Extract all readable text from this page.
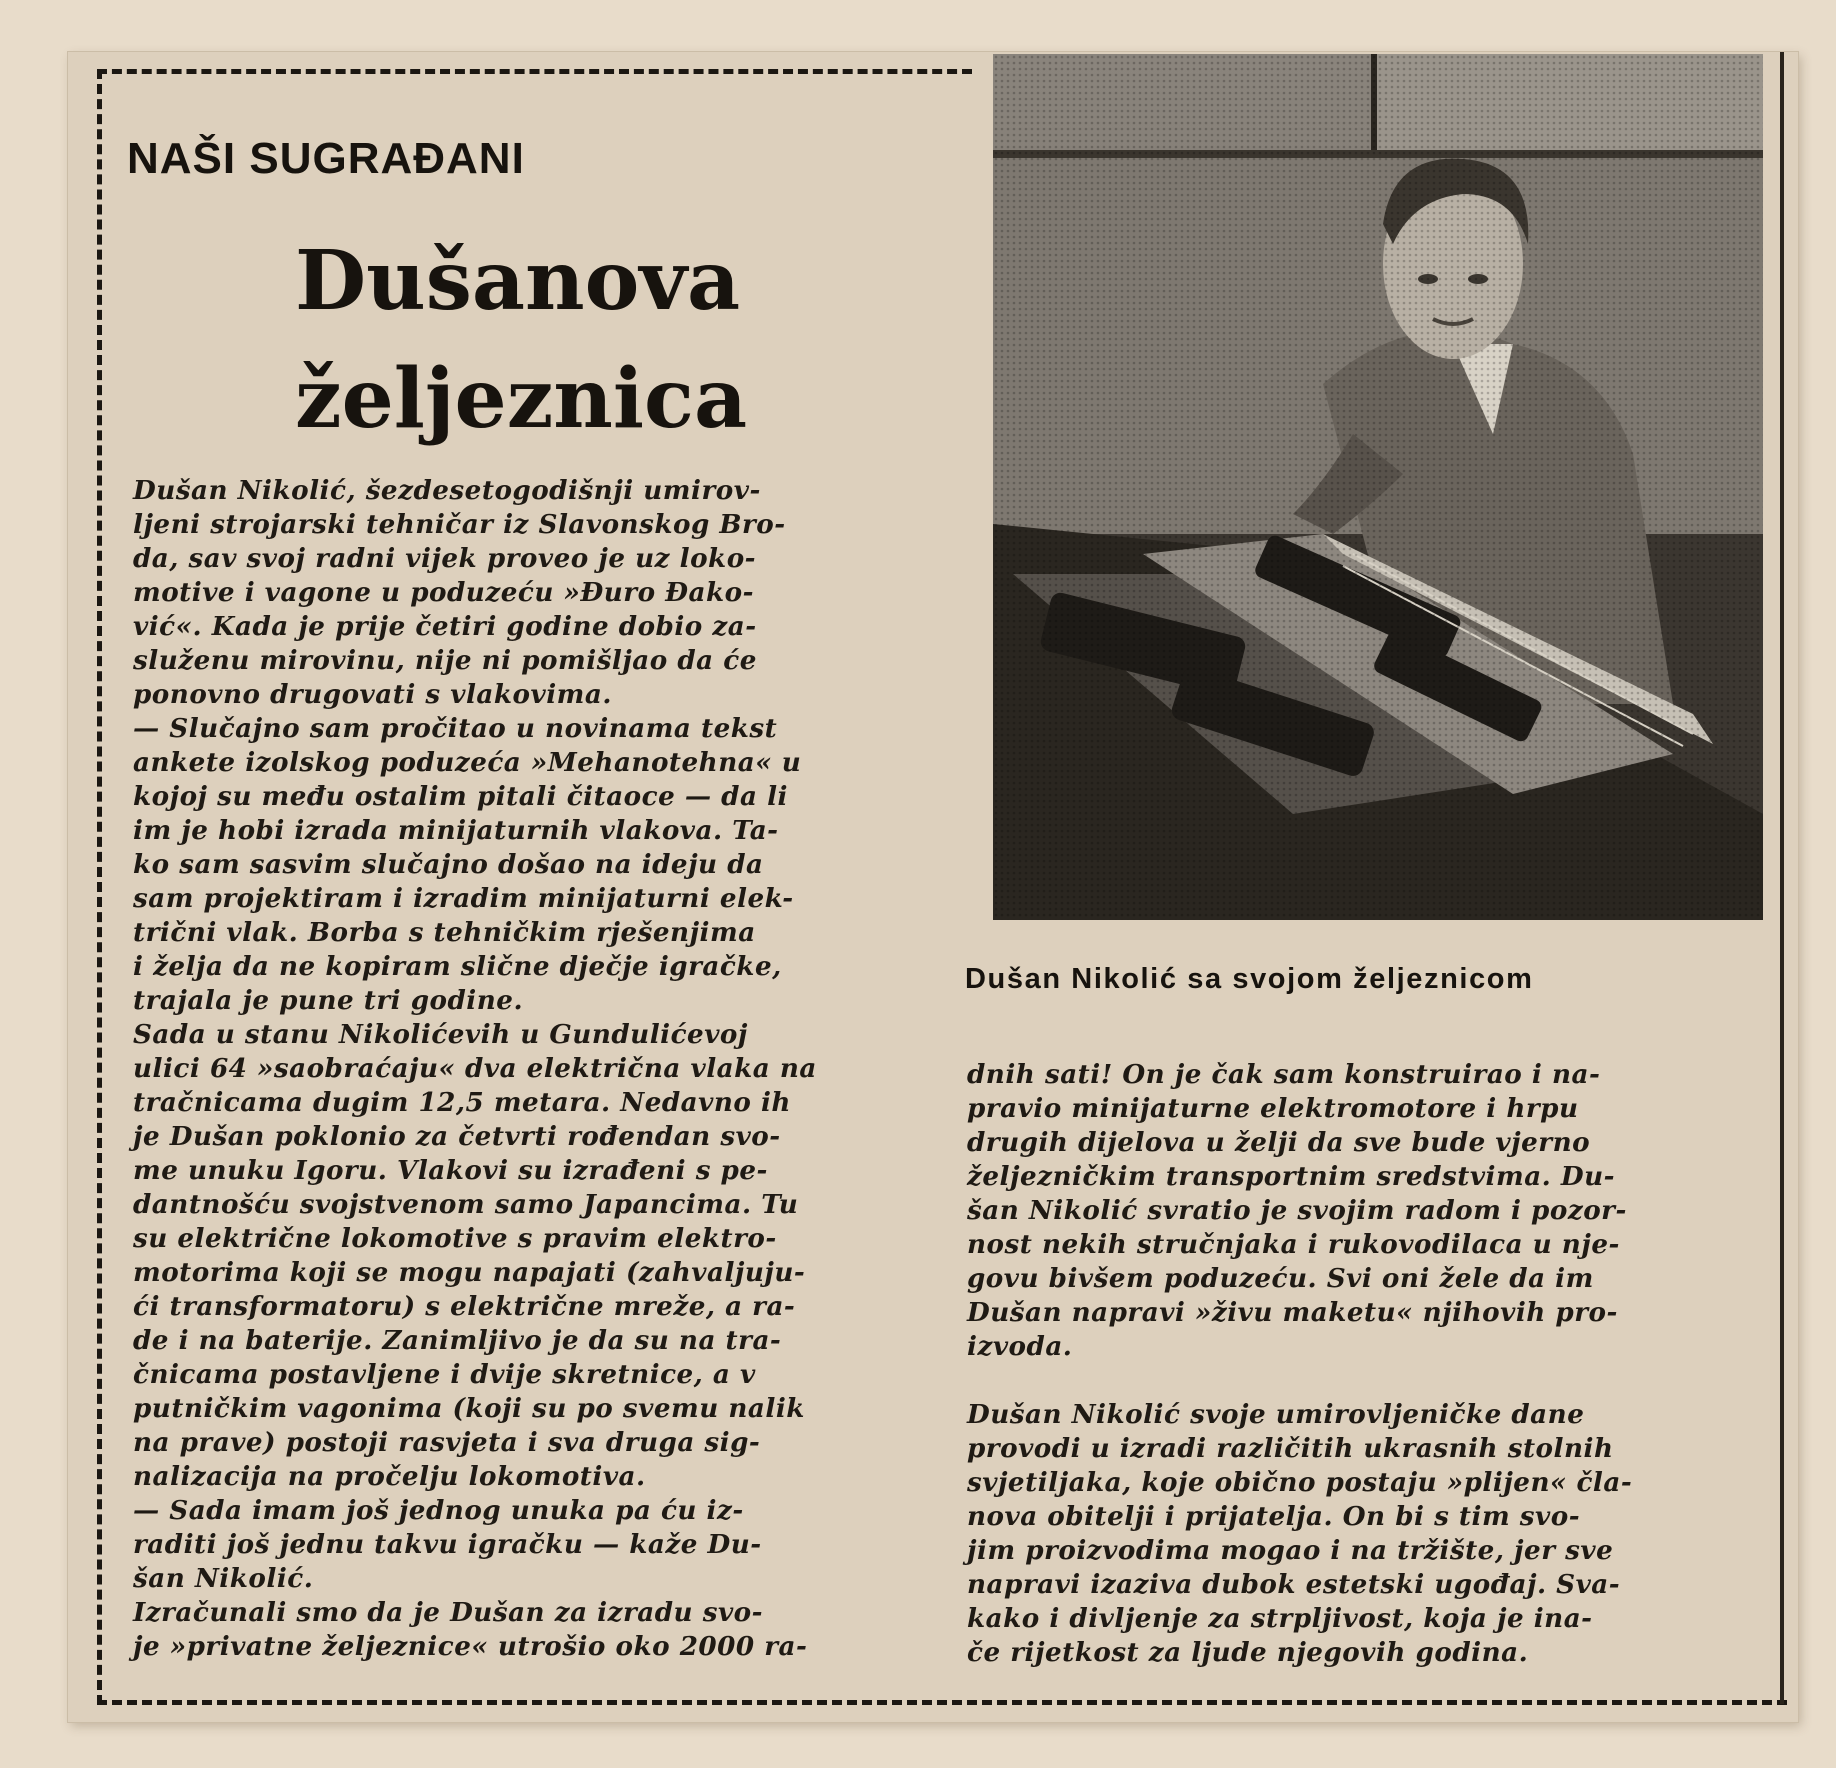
NAŠI SUGRAĐANI
Dušanova
željeznica
Dušan Nikolić sa svojom željeznicom
Dušan Nikolić, šezdesetogodišnji umirov-
ljeni strojarski tehničar iz Slavonskog Bro-
da, sav svoj radni vijek proveo je uz loko-
motive i vagone u poduzeću »Đuro Đako-
vić«. Kada je prije četiri godine dobio za-
služenu mirovinu, nije ni pomišljao da će
ponovno drugovati s vlakovima.
— Slučajno sam pročitao u novinama tekst
ankete izolskog poduzeća »Mehanotehna« u
kojoj su među ostalim pitali čitaoce — da li
im je hobi izrada minijaturnih vlakova. Ta-
ko sam sasvim slučajno došao na ideju da
sam projektiram i izradim minijaturni elek-
trični vlak. Borba s tehničkim rješenjima
i želja da ne kopiram slične dječje igračke,
trajala je pune tri godine.
Sada u stanu Nikolićevih u Gundulićevoj
ulici 64 »saobraćaju« dva električna vlaka na
tračnicama dugim 12,5 metara. Nedavno ih
je Dušan poklonio za četvrti rođendan svo-
me unuku Igoru. Vlakovi su izrađeni s pe-
dantnošću svojstvenom samo Japancima. Tu
su električne lokomotive s pravim elektro-
motorima koji se mogu napajati (zahvaljuju-
ći transformatoru) s električne mreže, a ra-
de i na baterije. Zanimljivo je da su na tra-
čnicama postavljene i dvije skretnice, a v
putničkim vagonima (koji su po svemu nalik
na prave) postoji rasvjeta i sva druga sig-
nalizacija na pročelju lokomotiva.
— Sada imam još jednog unuka pa ću iz-
raditi još jednu takvu igračku — kaže Du-
šan Nikolić.
Izračunali smo da je Dušan za izradu svo-
je »privatne željeznice« utrošio oko 2000 ra-
dnih sati! On je čak sam konstruirao i na-
pravio minijaturne elektromotore i hrpu
drugih dijelova u želji da sve bude vjerno
željezničkim transportnim sredstvima. Du-
šan Nikolić svratio je svojim radom i pozor-
nost nekih stručnjaka i rukovodilaca u nje-
govu bivšem poduzeću. Svi oni žele da im
Dušan napravi »živu maketu« njihovih pro-
izvoda.
Dušan Nikolić svoje umirovljeničke dane
provodi u izradi različitih ukrasnih stolnih
svjetiljaka, koje obično postaju »plijen« čla-
nova obitelji i prijatelja. On bi s tim svo-
jim proizvodima mogao i na tržište, jer sve
napravi izaziva dubok estetski ugođaj. Sva-
kako i divljenje za strpljivost, koja je ina-
če rijetkost za ljude njegovih godina.
